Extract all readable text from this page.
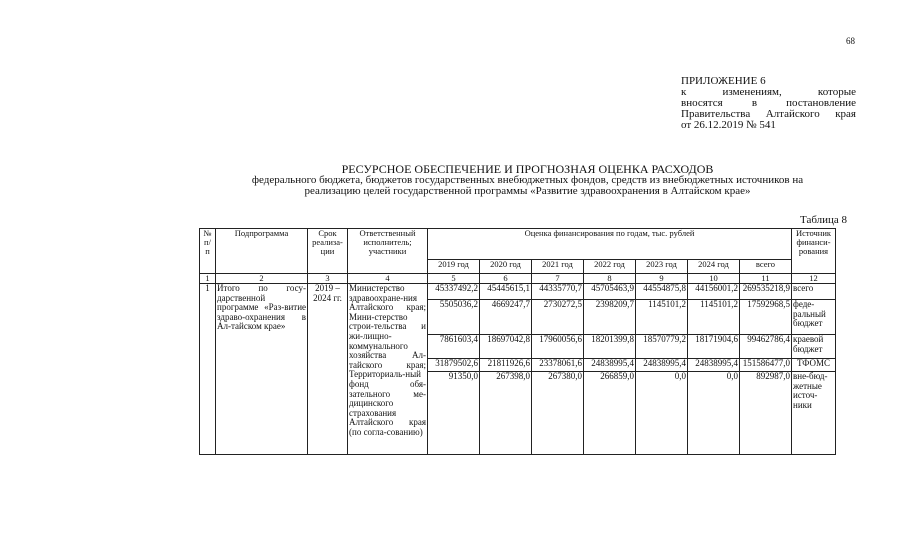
68
ПРИЛОЖЕНИЕ 6
к изменениям, которые
вносятся в постановление
Правительства Алтайского края
от 26.12.2019 № 541
РЕСУРСНОЕ ОБЕСПЕЧЕНИЕ И ПРОГНОЗНАЯ ОЦЕНКА РАСХОДОВ
федерального бюджета, бюджетов государственных внебюджетных фондов, средств из внебюджетных источников на
реализацию целей государственной программы «Развитие здравоохранения в Алтайском крае»
Таблица 8
№ п/п	Подпрограмма	Срок реализа-ции	Ответственный исполнитель; участники	Оценка финансирования по годам, тыс. рублей							Источник финанси-рования
				2019 год	2020 год	2021 год	2022 год	2023 год	2024 год	всего	
1	2	3	4	5	6	7	8	9	10	11	12
1	Итого по госу-дарственной программе «Раз-витие здраво-охранения в Ал-тайском крае»	2019 – 2024 гг.	Министерство здравоохране-ния Алтайского края; Мини-стерство строи-тельства и жи-лищно-коммунального хозяйства Ал-тайского края; Территориаль-ный фонд обя-зательного ме-дицинского страхования Алтайского края (по согла-сованию)	45337492,2	45445615,1	44335770,7	45705463,9	44554875,8	44156001,2	269535218,9	всего
				5505036,2	4669247,7	2730272,5	2398209,7	1145101,2	1145101,2	17592968,5	феде-ральный бюджет
				7861603,4	18697042,8	17960056,6	18201399,8	18570779,2	18171904,6	99462786,4	краевой бюджет
				31879502,6	21811926,6	23378061,6	24838995,4	24838995,4	24838995,4	151586477,0	ТФОМС
				91350,0	267398,0	267380,0	266859,0	0,0	0,0	892987,0	вне-бюд-жетные источ-ники
